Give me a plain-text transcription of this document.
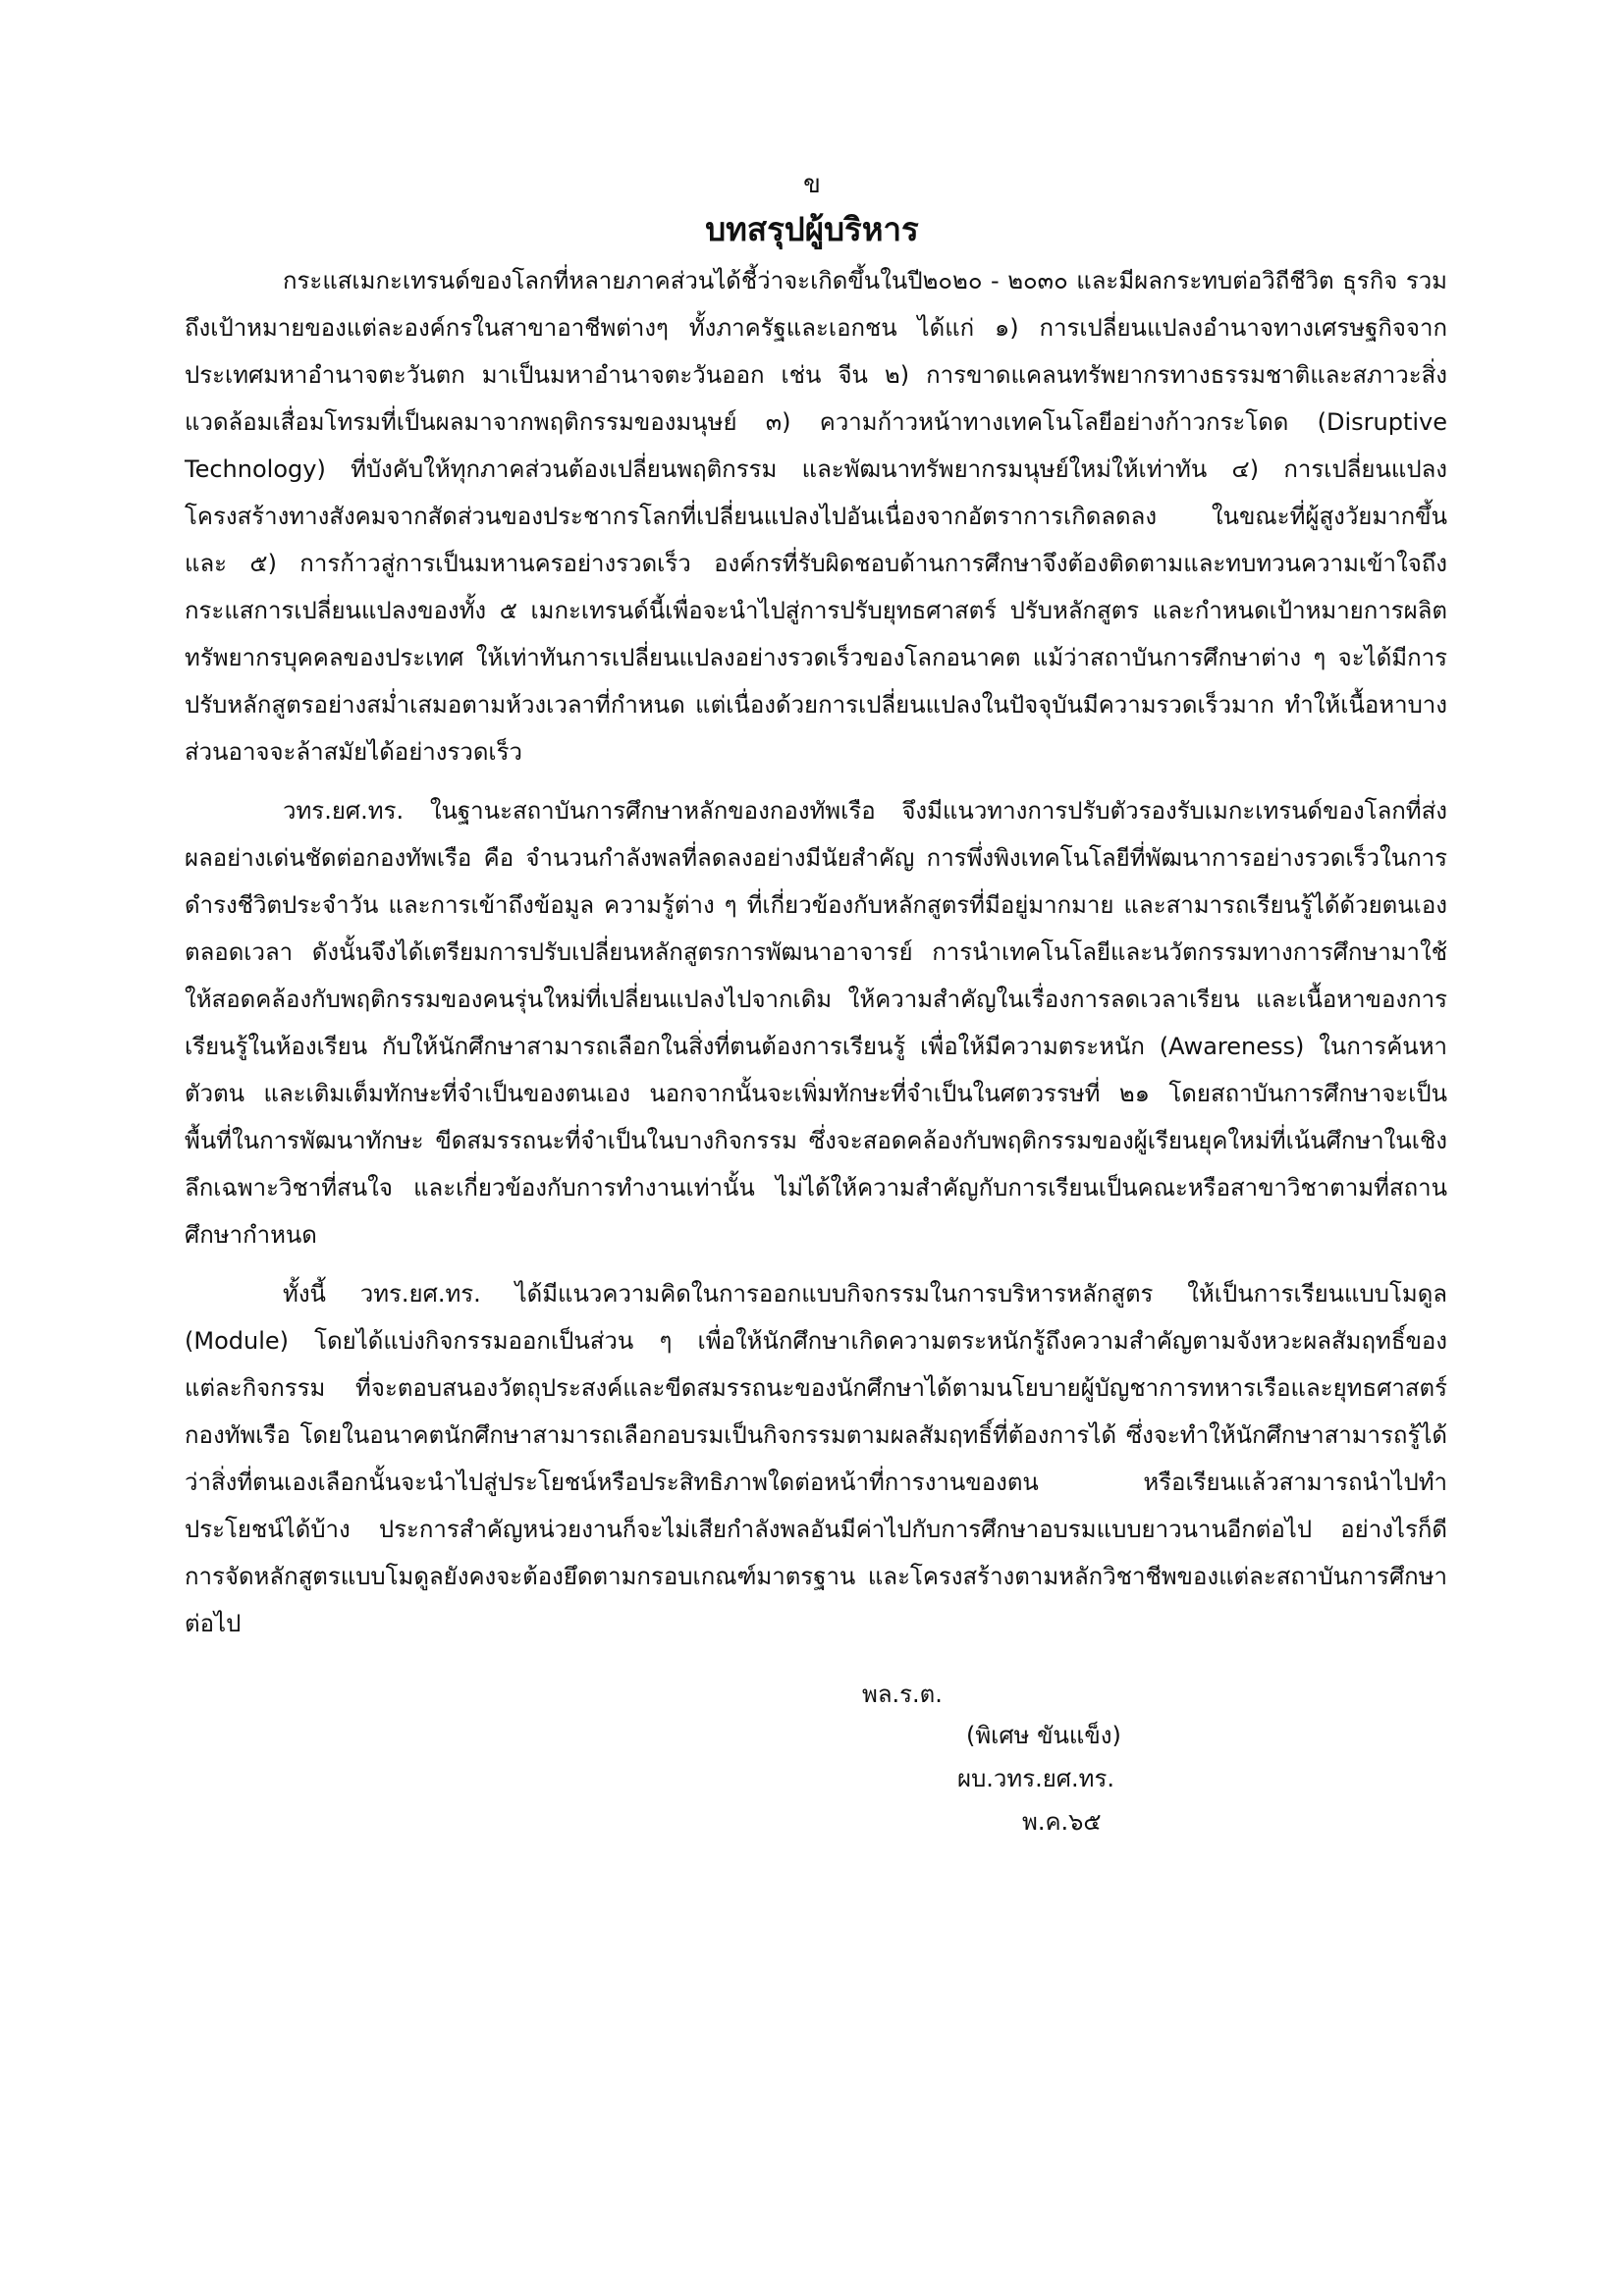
ข
บทสรุปผู้บริหาร

กระแสเมกะเทรนด์ของโลกที่หลายภาคส่วนได้ชี้ว่าจะเกิดขึ้นในปี๒๐๒๐ - ๒๐๓๐ และมีผลกระทบต่อวิถีชีวิต ธุรกิจ รวมถึงเป้าหมายของแต่ละองค์กรในสาขาอาชีพต่างๆ ทั้งภาครัฐและเอกชน ได้แก่ ๑) การเปลี่ยนแปลงอำนาจทางเศรษฐกิจจากประเทศมหาอำนาจตะวันตก มาเป็นมหาอำนาจตะวันออก เช่น จีน ๒) การขาดแคลนทรัพยากรทางธรรมชาติและสภาวะสิ่งแวดล้อมเสื่อมโทรมที่เป็นผลมาจากพฤติกรรมของมนุษย์ ๓) ความก้าวหน้าทางเทคโนโลยีอย่างก้าวกระโดด (Disruptive Technology) ที่บังคับให้ทุกภาคส่วนต้องเปลี่ยนพฤติกรรม และพัฒนาทรัพยากรมนุษย์ใหม่ให้เท่าทัน ๔) การเปลี่ยนแปลงโครงสร้างทางสังคมจากสัดส่วนของประชากรโลกที่เปลี่ยนแปลงไปอันเนื่องจากอัตราการเกิดลดลง ในขณะที่ผู้สูงวัยมากขึ้น และ ๕) การก้าวสู่การเป็นมหานครอย่างรวดเร็ว องค์กรที่รับผิดชอบด้านการศึกษาจึงต้องติดตามและทบทวนความเข้าใจถึงกระแสการเปลี่ยนแปลงของทั้ง ๕ เมกะเทรนด์นี้เพื่อจะนำไปสู่การปรับยุทธศาสตร์ ปรับหลักสูตร และกำหนดเป้าหมายการผลิตทรัพยากรบุคคลของประเทศ ให้เท่าทันการเปลี่ยนแปลงอย่างรวดเร็วของโลกอนาคต แม้ว่าสถาบันการศึกษาต่าง ๆ จะได้มีการปรับหลักสูตรอย่างสม่ำเสมอตามห้วงเวลาที่กำหนด แต่เนื่องด้วยการเปลี่ยนแปลงในปัจจุบันมีความรวดเร็วมาก ทำให้เนื้อหาบางส่วนอาจจะล้าสมัยได้อย่างรวดเร็ว

วทร.ยศ.ทร. ในฐานะสถาบันการศึกษาหลักของกองทัพเรือ จึงมีแนวทางการปรับตัวรองรับเมกะเทรนด์ของโลกที่ส่งผลอย่างเด่นชัดต่อกองทัพเรือ คือ จำนวนกำลังพลที่ลดลงอย่างมีนัยสำคัญ การพึ่งพิงเทคโนโลยีที่พัฒนาการอย่างรวดเร็วในการดำรงชีวิตประจำวัน และการเข้าถึงข้อมูล ความรู้ต่าง ๆ ที่เกี่ยวข้องกับหลักสูตรที่มีอยู่มากมาย และสามารถเรียนรู้ได้ด้วยตนเองตลอดเวลา ดังนั้นจึงได้เตรียมการปรับเปลี่ยนหลักสูตรการพัฒนาอาจารย์ การนำเทคโนโลยีและนวัตกรรมทางการศึกษามาใช้ให้สอดคล้องกับพฤติกรรมของคนรุ่นใหม่ที่เปลี่ยนแปลงไปจากเดิม ให้ความสำคัญในเรื่องการลดเวลาเรียน และเนื้อหาของการเรียนรู้ในห้องเรียน กับให้นักศึกษาสามารถเลือกในสิ่งที่ตนต้องการเรียนรู้ เพื่อให้มีความตระหนัก (Awareness) ในการค้นหาตัวตน และเติมเต็มทักษะที่จำเป็นของตนเอง นอกจากนั้นจะเพิ่มทักษะที่จำเป็นในศตวรรษที่ ๒๑ โดยสถาบันการศึกษาจะเป็นพื้นที่ในการพัฒนาทักษะ ขีดสมรรถนะที่จำเป็นในบางกิจกรรม ซึ่งจะสอดคล้องกับพฤติกรรมของผู้เรียนยุคใหม่ที่เน้นศึกษาในเชิงลึกเฉพาะวิชาที่สนใจ และเกี่ยวข้องกับการทำงานเท่านั้น ไม่ได้ให้ความสำคัญกับการเรียนเป็นคณะหรือสาขาวิชาตามที่สถานศึกษากำหนด

ทั้งนี้ วทร.ยศ.ทร. ได้มีแนวความคิดในการออกแบบกิจกรรมในการบริหารหลักสูตร ให้เป็นการเรียนแบบโมดูล (Module) โดยได้แบ่งกิจกรรมออกเป็นส่วน ๆ เพื่อให้นักศึกษาเกิดความตระหนักรู้ถึงความสำคัญตามจังหวะผลสัมฤทธิ์ของแต่ละกิจกรรม ที่จะตอบสนองวัตถุประสงค์และขีดสมรรถนะของนักศึกษาได้ตามนโยบายผู้บัญชาการทหารเรือและยุทธศาสตร์กองทัพเรือ โดยในอนาคตนักศึกษาสามารถเลือกอบรมเป็นกิจกรรมตามผลสัมฤทธิ์ที่ต้องการได้ ซึ่งจะทำให้นักศึกษาสามารถรู้ได้ว่าสิ่งที่ตนเองเลือกนั้นจะนำไปสู่ประโยชน์หรือประสิทธิภาพใดต่อหน้าที่การงานของตน หรือเรียนแล้วสามารถนำไปทำประโยชน์ได้บ้าง ประการสำคัญหน่วยงานก็จะไม่เสียกำลังพลอันมีค่าไปกับการศึกษาอบรมแบบยาวนานอีกต่อไป อย่างไรก็ดี การจัดหลักสูตรแบบโมดูลยังคงจะต้องยึดตามกรอบเกณฑ์มาตรฐาน และโครงสร้างตามหลักวิชาชีพของแต่ละสถาบันการศึกษาต่อไป

พล.ร.ต.
(พิเศษ ขันแข็ง)
ผบ.วทร.ยศ.ทร.
พ.ค.๖๕
